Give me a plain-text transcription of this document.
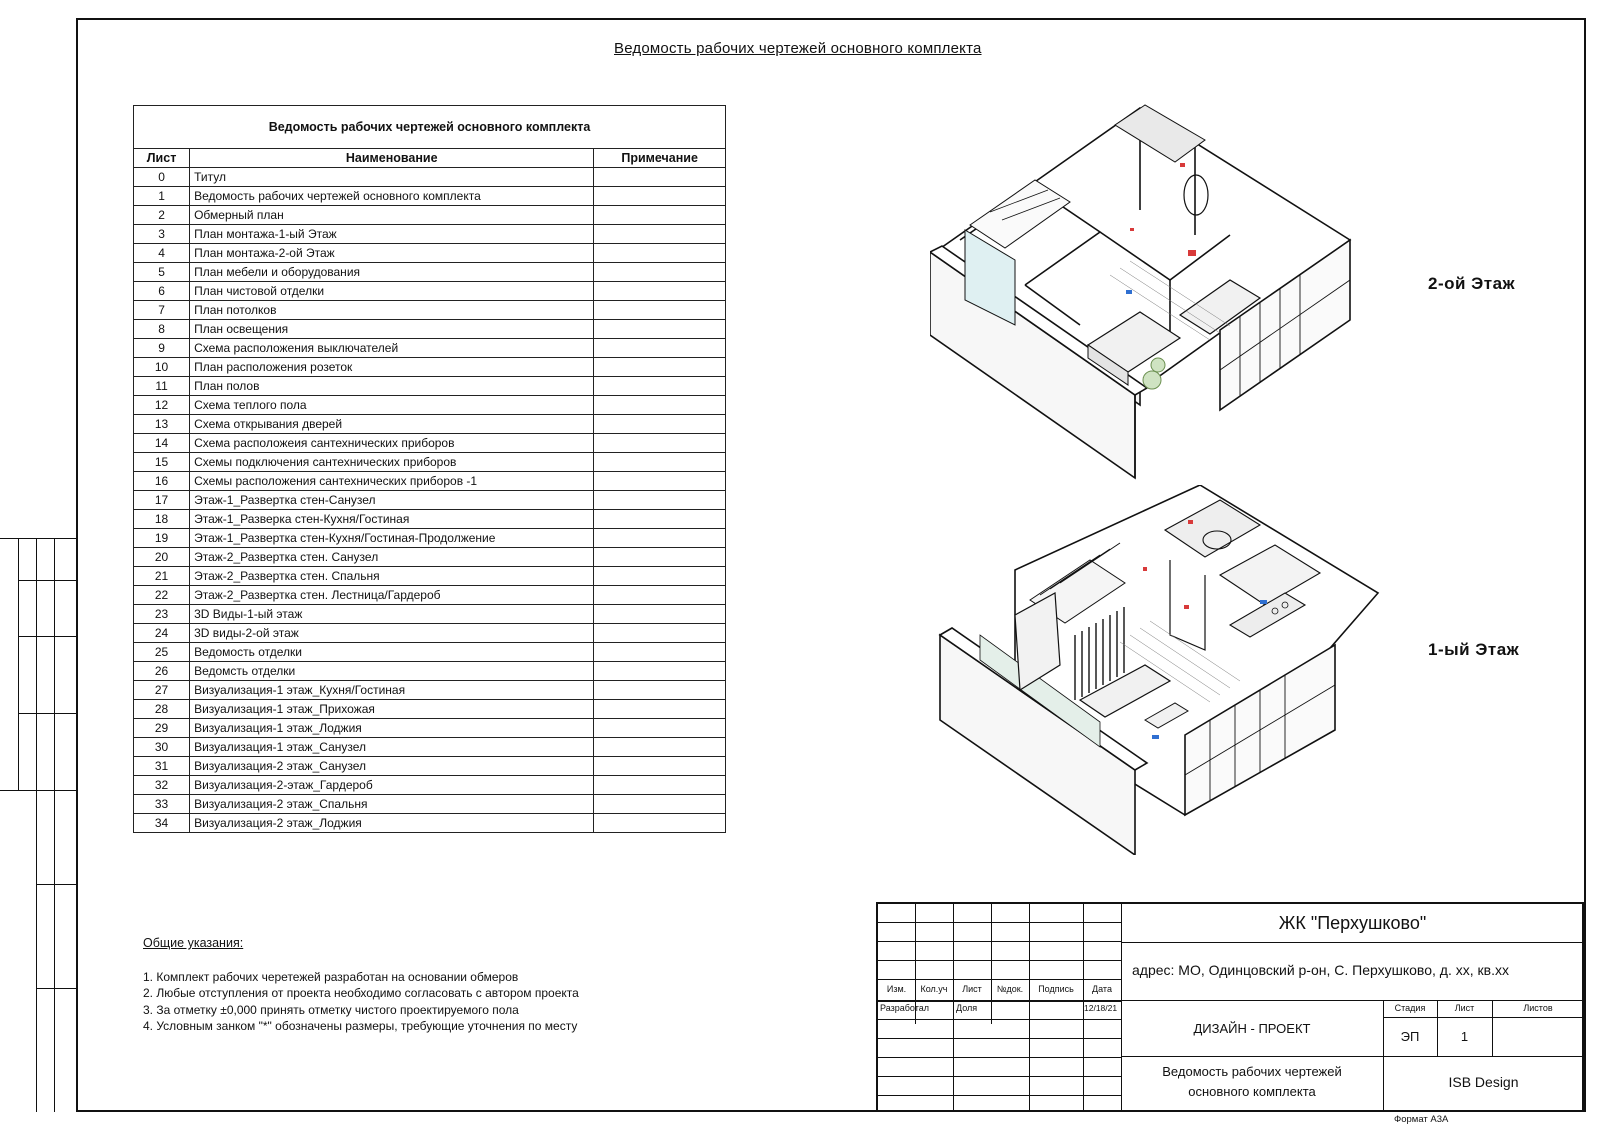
Ведомость рабочих чертежей основного комплекта
Ведомость рабочих чертежей основного комплекта		
Лист	Наименование	Примечание
0	Титул	
1	Ведомость рабочих чертежей основного комплекта	
2	Обмерный план	
3	План монтажа-1-ый Этаж	
4	План монтажа-2-ой Этаж	
5	План мебели и оборудования	
6	План чистовой отделки	
7	План потолков	
8	План освещения	
9	Схема расположения выключателей	
10	План расположения розеток	
11	План полов	
12	Схема теплого пола	
13	Схема открывания дверей	
14	Схема расположеия сантехнических приборов	
15	Схемы подключения сантехнических приборов	
16	Схемы расположения сантехнических приборов -1	
17	Этаж-1_Развертка стен-Санузел	
18	Этаж-1_Разверка стен-Кухня/Гостиная	
19	Этаж-1_Развертка стен-Кухня/Гостиная-Продолжение	
20	Этаж-2_Развертка стен. Санузел	
21	Этаж-2_Развертка стен. Спальня	
22	Этаж-2_Развертка стен. Лестница/Гардероб	
23	3D Виды-1-ый этаж	
24	3D виды-2-ой этаж	
25	Ведомость отделки	
26	Ведомсть отделки	
27	Визуализация-1 этаж_Кухня/Гостиная	
28	Визуализация-1 этаж_Прихожая	
29	Визуализация-1 этаж_Лоджия	
30	Визуализация-1 этаж_Санузел	
31	Визуализация-2 этаж_Санузел	
32	Визуализация-2-этаж_Гардероб	
33	Визуализация-2 этаж_Спальня	
34	Визуализация-2 этаж_Лоджия	
Общие указания:
1. Комплект рабочих черетежей разработан на основании обмеров
2. Любые отступления от проекта необходимо согласовать с автором проекта
3. За отметку ±0,000 принять отметку чистого проектируемого пола
4. Условным занком "*" обозначены размеры, требующие уточнения по месту
2-ой Этаж
1-ый Этаж
ЖК "Перхушково"
адрес: МО, Одинцовский р-он, С. Перхушково, д. хх, кв.хх
Изм.	Кол.уч	Лист	№док.	Подпись	Дата
Разработал	Доля	12/18/21
ДИЗАЙН - ПРОЕКТ
Стадия	Лист	Листов
ЭП	1
Ведомость рабочих чертежей
основного комплекта
ISB Design
Формат А3А
